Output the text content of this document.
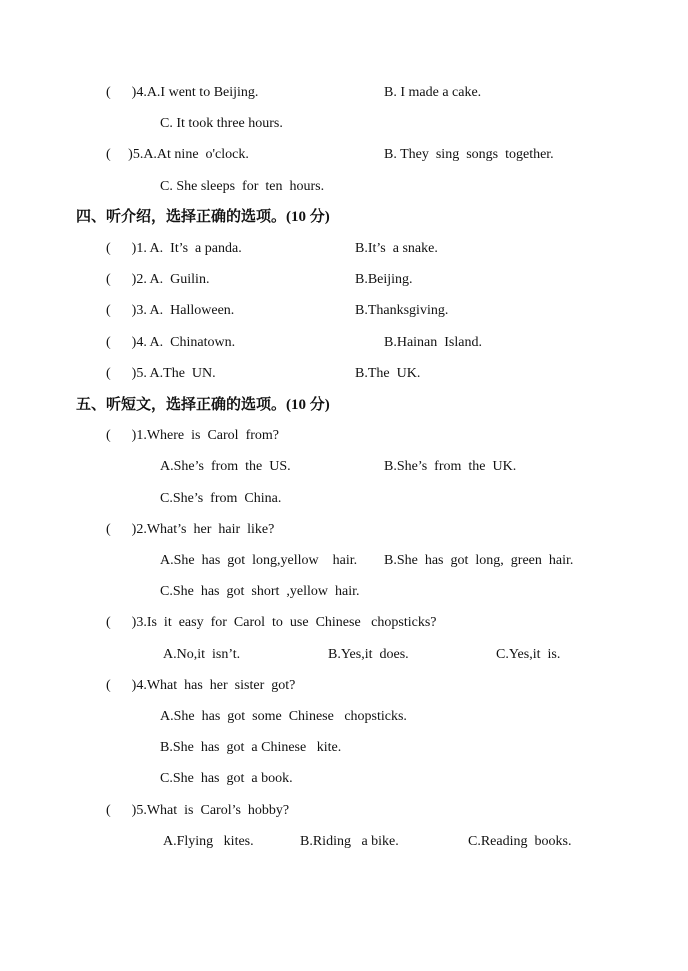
(      )4.A.I went to Beijing.	B. I made a cake.
C. It took three hours.
(     )5.A.At nine  o'clock.	B. They  sing  songs  together.
C. She sleeps  for  ten  hours.
四、听介绍，选择正确的选项。(10 分)
(      )1. A.  It’s  a panda.	B.It’s  a snake.
(      )2. A.  Guilin.	B.Beijing.
(      )3. A.  Halloween.	B.Thanksgiving.
(      )4. A.  Chinatown.	B.Hainan  Island.
(      )5. A.The  UN.	B.The  UK.
五、听短文，选择正确的选项。(10 分)
(      )1.Where  is  Carol  from?
A.She’s  from  the  US.	B.She’s  from  the  UK.
C.She’s  from  China.
(      )2.What’s  her  hair  like?
A.She  has  got  long,yellow    hair. B.She  has  got  long,  green  hair.
C.She  has  got  short  ,yellow  hair.
(      )3.Is  it  easy  for  Carol  to  use  Chinese   chopsticks?
A.No,it  isn’t.	B.Yes,it  does.	C.Yes,it  is.
(      )4.What  has  her  sister  got?
A.She  has  got  some  Chinese   chopsticks.
B.She  has  got  a Chinese   kite.
C.She  has  got  a book.
(      )5.What  is  Carol’s  hobby?
A.Flying   kites.	B.Riding   a bike.	C.Reading  books.
